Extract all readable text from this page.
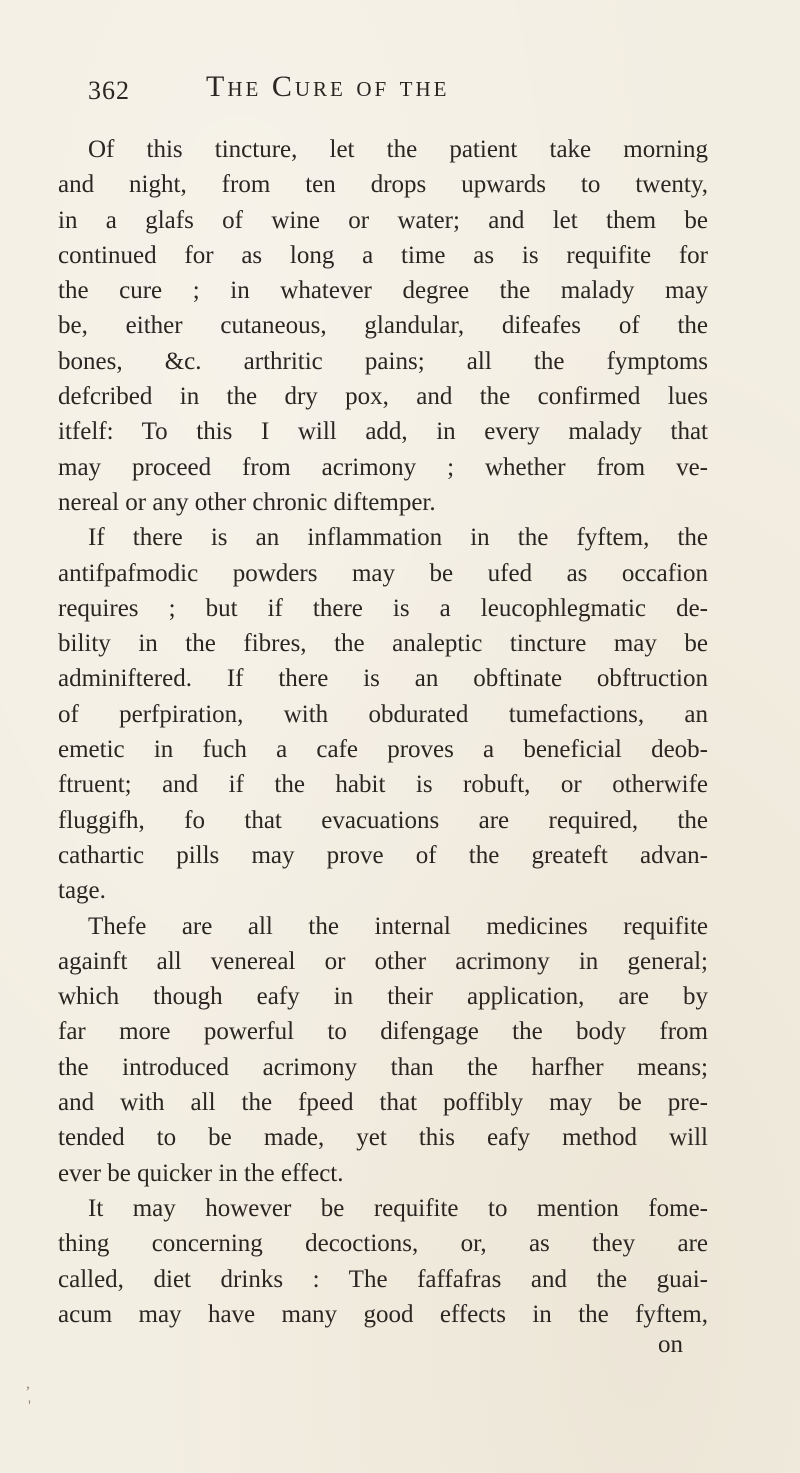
362	The Cure of the
Of this tincture, let the patient take morning
and night, from ten drops upwards to twenty,
in a glafs of wine or water; and let them be
continued for as long a time as is requifite for
the cure ; in whatever degree the malady may
be, either cutaneous, glandular, difeafes of the
bones, &c. arthritic pains; all the fymptoms
defcribed in the dry pox, and the confirmed lues
itfelf: To this I will add, in every malady that
may proceed from acrimony ; whether from ve-
nereal or any other chronic diftemper.
If there is an inflammation in the fyftem, the
antifpafmodic powders may be ufed as occafion
requires ; but if there is a leucophlegmatic de-
bility in the fibres, the analeptic tincture may be
adminiftered. If there is an obftinate obftruction
of perfpiration, with obdurated tumefactions, an
emetic in fuch a cafe proves a beneficial deob-
ftruent; and if the habit is robuft, or otherwife
fluggifh, fo that evacuations are required, the
cathartic pills may prove of the greateft advan-
tage.
Thefe are all the internal medicines requifite
againft all venereal or other acrimony in general;
which though eafy in their application, are by
far more powerful to difengage the body from
the introduced acrimony than the harfher means;
and with all the fpeed that poffibly may be pre-
tended to be made, yet this eafy method will
ever be quicker in the effect.
It may however be requifite to mention fome-
thing concerning decoctions, or, as they are
called, diet drinks : The faffafras and the guai-
acum may have many good effects in the fyftem,
on
,
'
